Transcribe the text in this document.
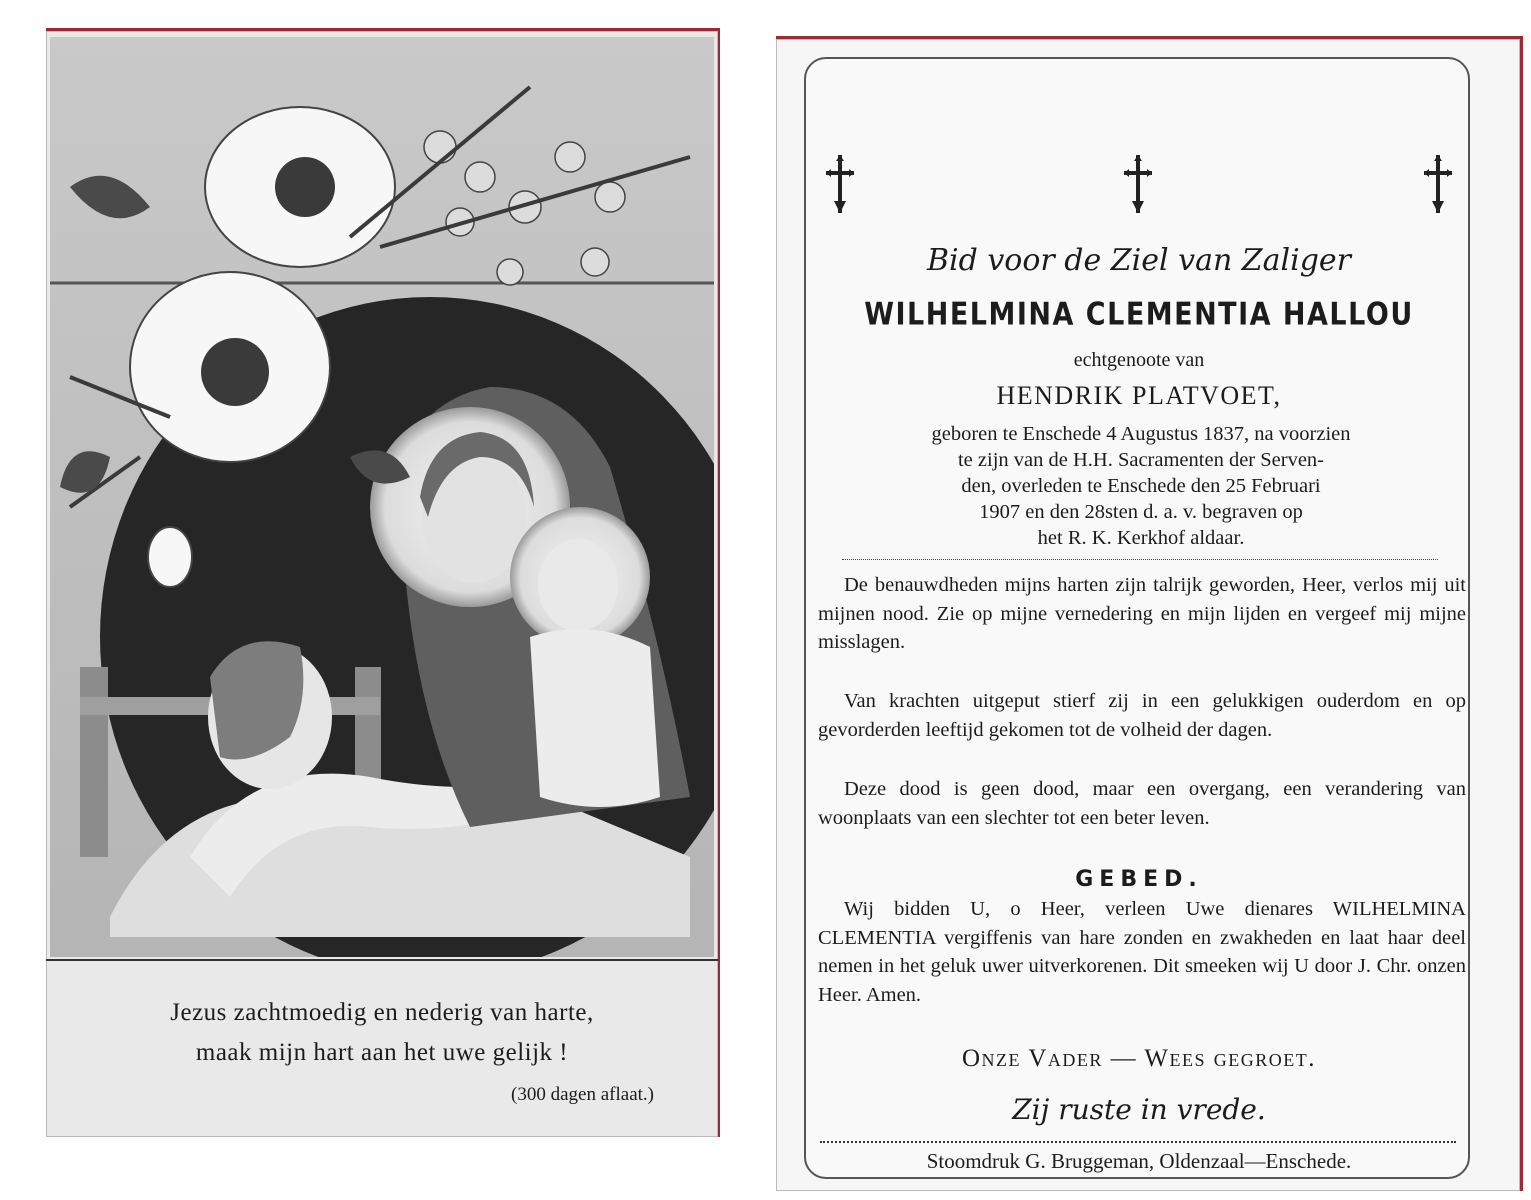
Jezus zachtmoedig en nederig van harte,
maak mijn hart aan het uwe gelijk !
(300 dagen aflaat.)
Bid voor de Ziel van Zaliger
WILHELMINA CLEMENTIA HALLOU
echtgenoote van
HENDRIK PLATVOET,
geboren te Enschede 4 Augustus 1837, na voorzien
te zijn van de H.H. Sacramenten der Serven-
den, overleden te Enschede den 25 Februari
1907 en den 28sten d. a. v. begraven op
het R. K. Kerkhof aldaar.

De benauwdheden mijns harten zijn talrijk geworden, Heer, verlos mij uit mijnen nood. Zie op mijne vernedering en mijn lijden en vergeef mij mijne misslagen.

Van krachten uitgeput stierf zij in een gelukkigen ouderdom en op gevorderden leeftijd gekomen tot de volheid der dagen.

Deze dood is geen dood, maar een overgang, een verandering van woonplaats van een slechter tot een beter leven.

GEBED.

Wij bidden U, o Heer, verleen Uwe dienares WILHELMINA CLEMENTIA vergiffenis van hare zonden en zwakheden en laat haar deel nemen in het geluk uwer uitverkorenen. Dit smeeken wij U door J. Chr. onzen Heer. Amen.

Onze Vader — Wees gegroet.
Zij ruste in vrede.
Stoomdruk G. Bruggeman, Oldenzaal—Enschede.
